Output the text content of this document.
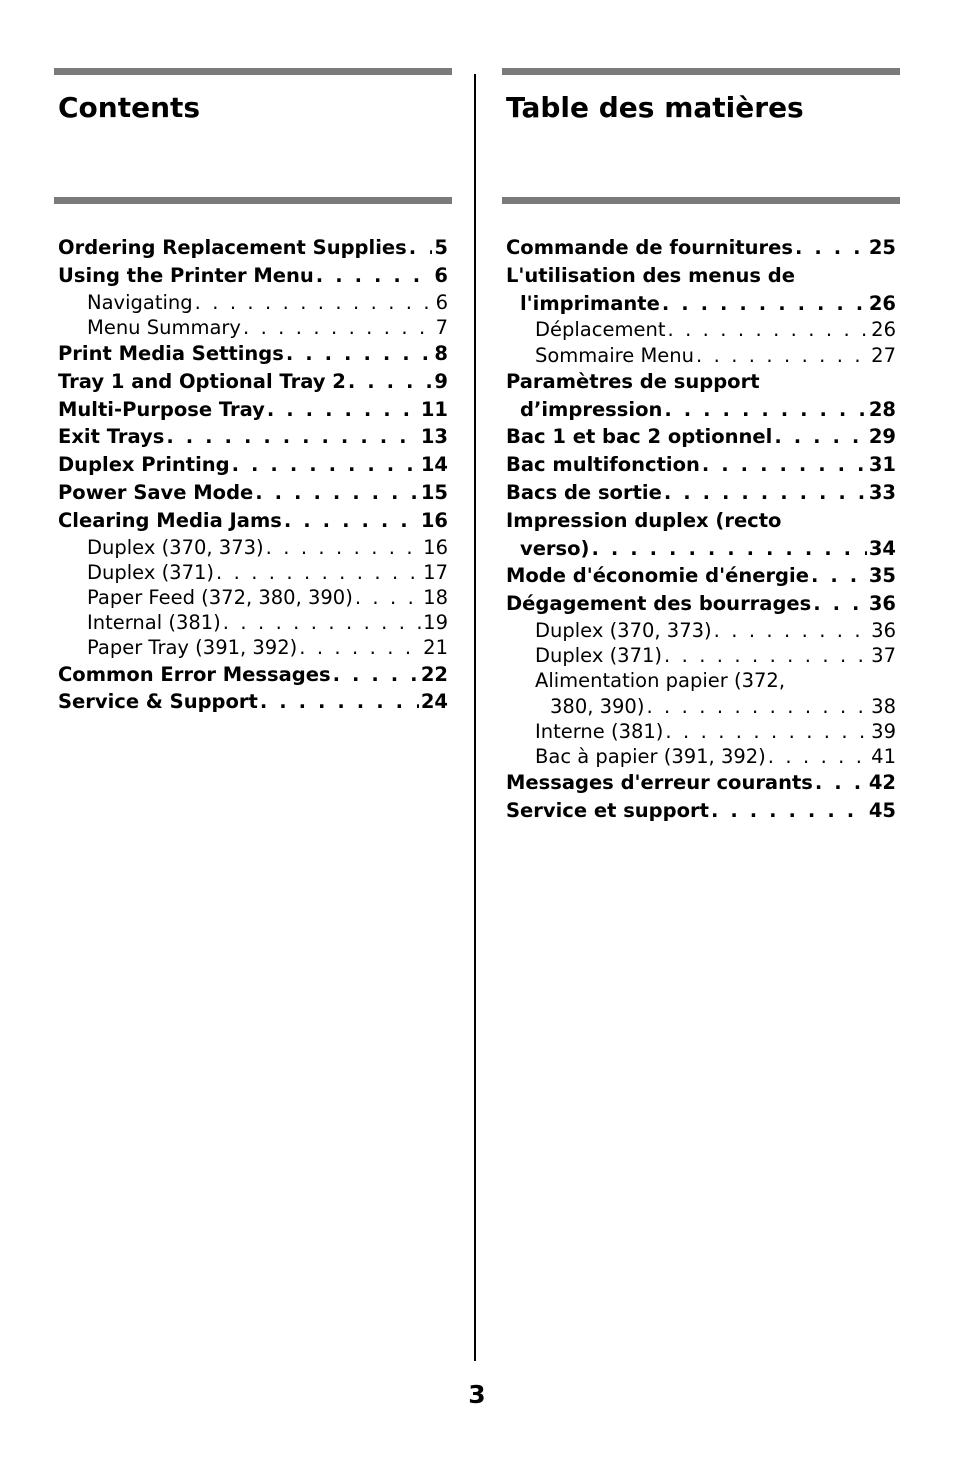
Contents
Ordering Replacement Supplies . . . 5
Using the Printer Menu . . .	6
Navigating . . .	6
Menu Summary . . .	7
Print Media Settings . . .	8
Tray 1 and Optional Tray 2 . . .	9
Multi-Purpose Tray . . .	11
Exit Trays . . .	13
Duplex Printing . . .	14
Power Save Mode . . .	15
Clearing Media Jams . . .	16
Duplex (370, 373) . . .	16
Duplex (371) . . .	17
Paper Feed (372, 380, 390) . . .	18
Internal (381) . . .	19
Paper Tray (391, 392) . . .	21
Common Error Messages . . .	22
Service & Support . . .	24
Table des matières
Commande de fournitures . . .	25
L'utilisation des menus de
l'imprimante . . .	26
Déplacement . . .	26
Sommaire Menu . . .	27
Paramètres de support
d’impression . . .	28
Bac 1 et bac 2 optionnel . . .	29
Bac multifonction . . .	31
Bacs de sortie . . .	33
Impression duplex (recto
verso) . . .	34
Mode d'économie d'énergie . . .	35
Dégagement des bourrages . . .	36
Duplex (370, 373) . . .	36
Duplex (371) . . .	37
Alimentation papier (372,
380, 390) . . .	38
Interne (381) . . .	39
Bac à papier (391, 392) . . .	41
Messages d'erreur courants . . .	42
Service et support . . .	45
3
